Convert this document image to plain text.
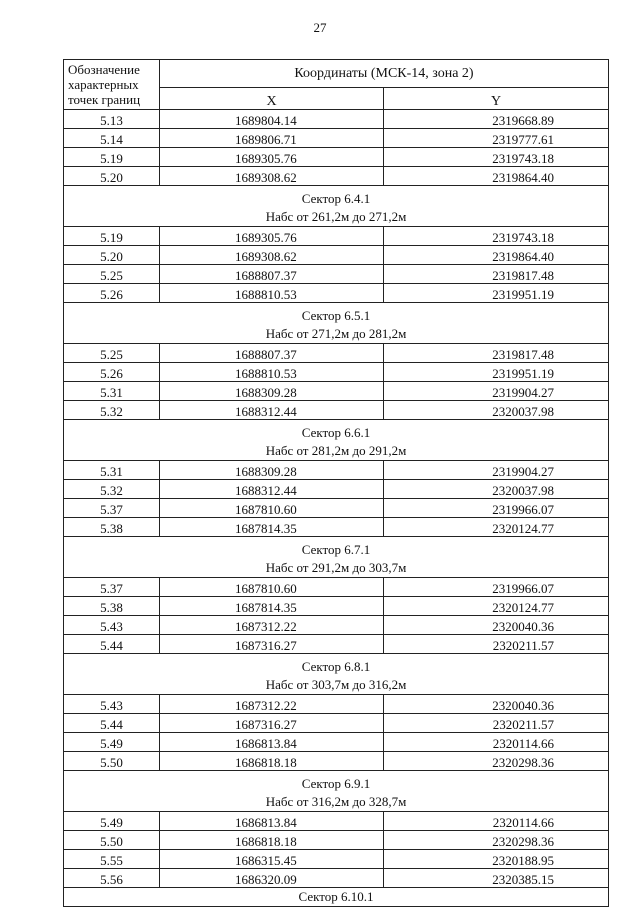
27
Обозначение характерных точек границ	Координаты (МСК-14, зона 2)	
	X	Y
5.13	1689804.14	2319668.89
5.14	1689806.71	2319777.61
5.19	1689305.76	2319743.18
5.20	1689308.62	2319864.40

Сектор 6.4.1
Набс от 261,2м до 271,2м		

5.19	1689305.76	2319743.18
5.20	1689308.62	2319864.40
5.25	1688807.37	2319817.48
5.26	1688810.53	2319951.19

Сектор 6.5.1
Набс от 271,2м до 281,2м		

5.25	1688807.37	2319817.48
5.26	1688810.53	2319951.19
5.31	1688309.28	2319904.27
5.32	1688312.44	2320037.98

Сектор 6.6.1
Набс от 281,2м до 291,2м		

5.31	1688309.28	2319904.27
5.32	1688312.44	2320037.98
5.37	1687810.60	2319966.07
5.38	1687814.35	2320124.77

Сектор 6.7.1
Набс от 291,2м до 303,7м		

5.37	1687810.60	2319966.07
5.38	1687814.35	2320124.77
5.43	1687312.22	2320040.36
5.44	1687316.27	2320211.57

Сектор 6.8.1
Набс от 303,7м до 316,2м		

5.43	1687312.22	2320040.36
5.44	1687316.27	2320211.57
5.49	1686813.84	2320114.66
5.50	1686818.18	2320298.36

Сектор 6.9.1
Набс от 316,2м до 328,7м		

5.49	1686813.84	2320114.66
5.50	1686818.18	2320298.36
5.55	1686315.45	2320188.95
5.56	1686320.09	2320385.15

Сектор 6.10.1		
